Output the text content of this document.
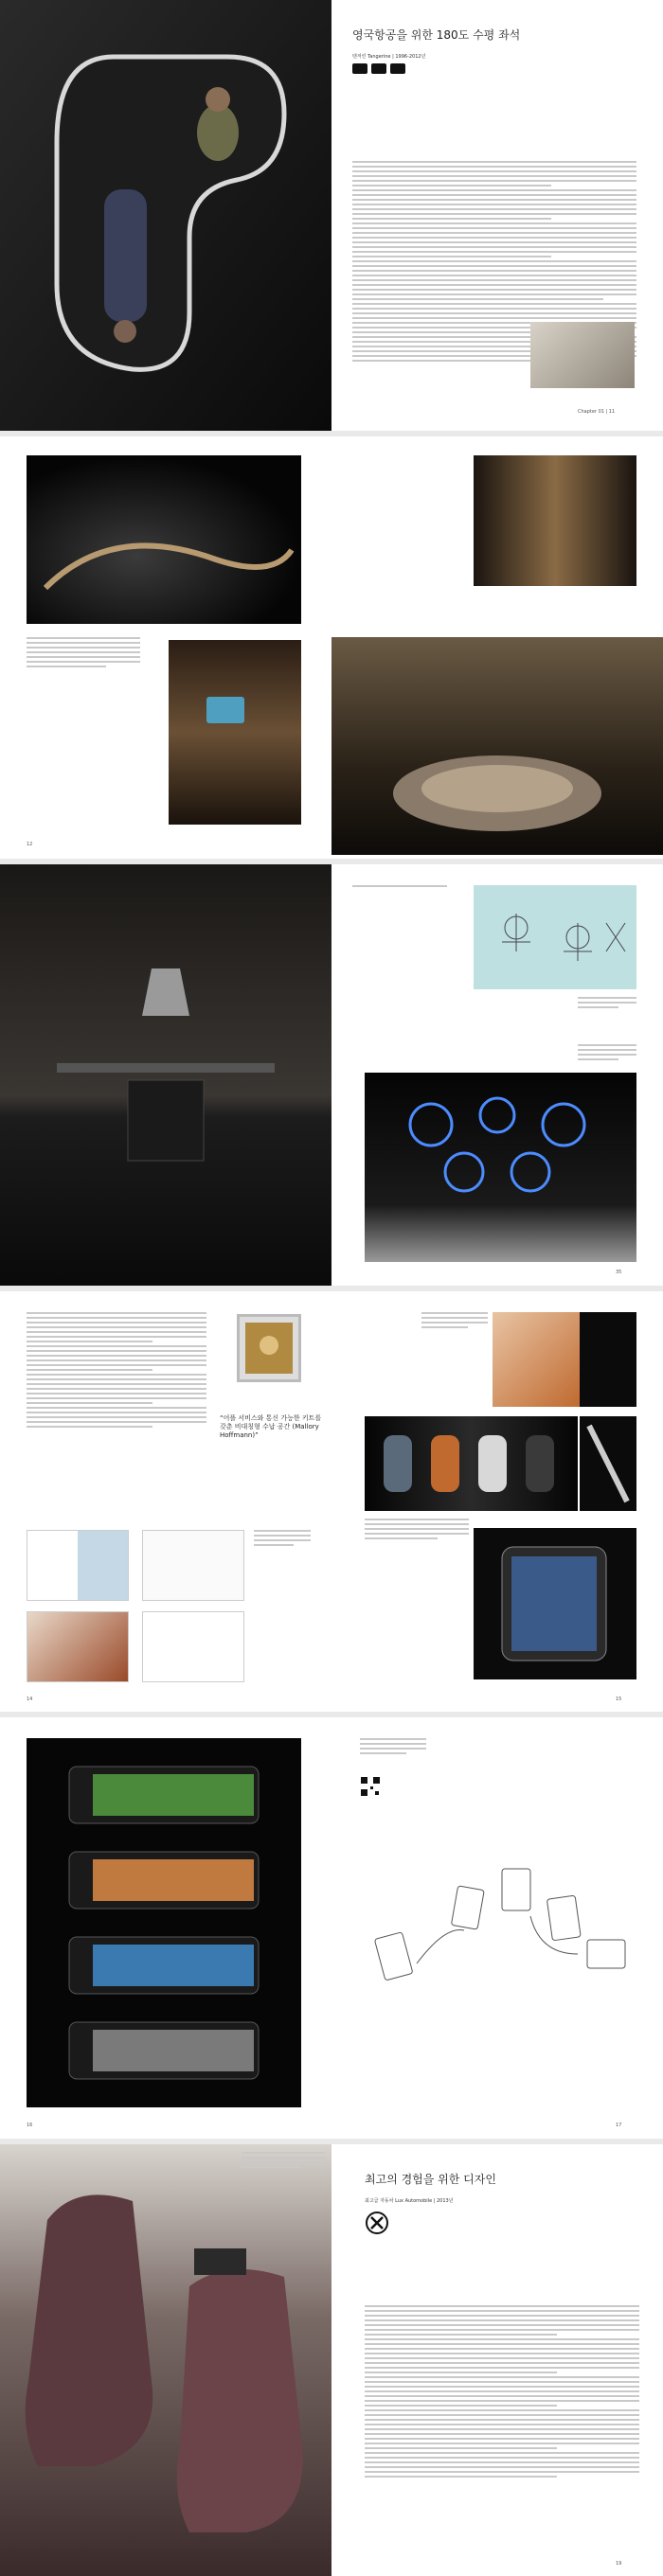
영국항공을 위한 180도 수평 좌석
탠저린 Tangerine | 1996-2012년
Chapter 01 | 11
12
35
“어플 서비스와 통신 가능한 키트를 갖춘 비대칭형 수납 공간 (Mallory Hoffmann)”
14	15
16	17
최고의 경험을 위한 디자인
최고급 자동차 Lux Automobile | 2013년
19
